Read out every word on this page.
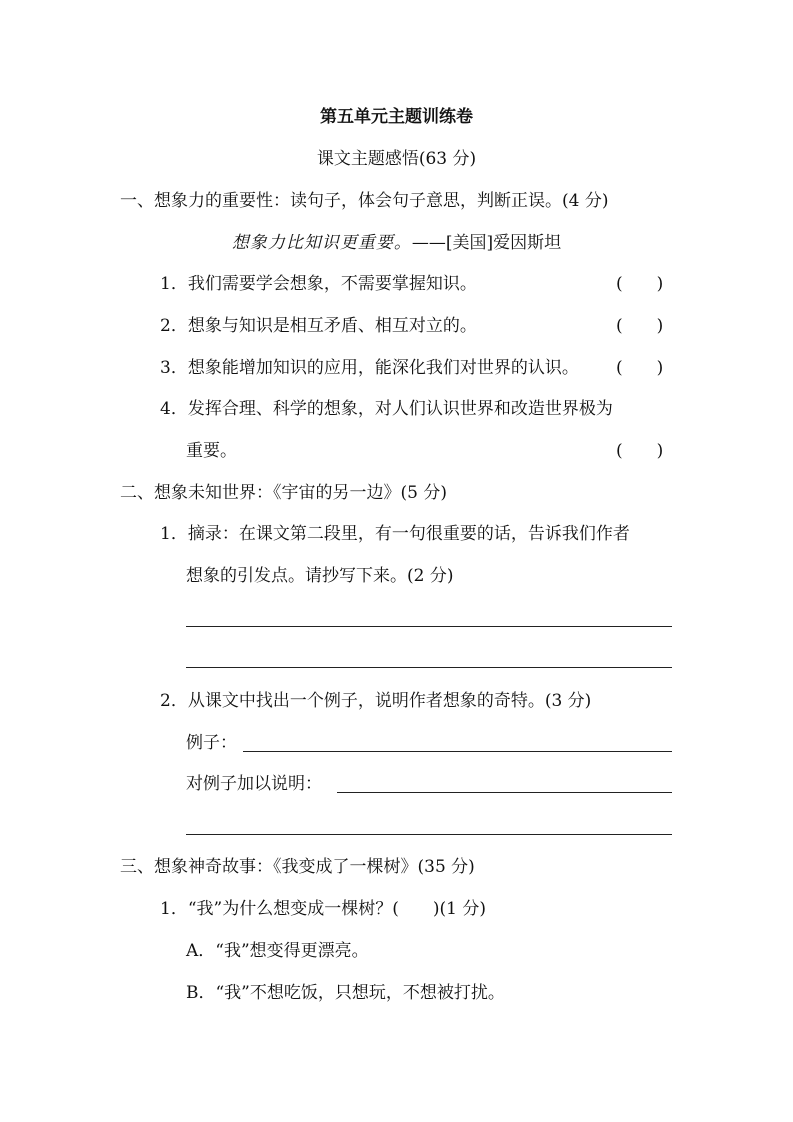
第五单元主题训练卷
课文主题感悟(63 分)
一、想象力的重要性：读句子，体会句子意思，判断正误。(4 分)
想象力比知识更重要。——[美国]爱因斯坦
1．我们需要学会想象，不需要掌握知识。	(　　)
2．想象与知识是相互矛盾、相互对立的。	(　　)
3．想象能增加知识的应用，能深化我们对世界的认识。 (　　)
4．发挥合理、科学的想象，对人们认识世界和改造世界极为
重要。	(　　)
二、想象未知世界：《宇宙的另一边》(5 分)
1．摘录：在课文第二段里，有一句很重要的话，告诉我们作者
想象的引发点。请抄写下来。(2 分)
2．从课文中找出一个例子，说明作者想象的奇特。(3 分)
例子：
对例子加以说明：
三、想象神奇故事：《我变成了一棵树》(35 分)
1．“我”为什么想变成一棵树？(　　)(1 分)
A．“我”想变得更漂亮。
B．“我”不想吃饭，只想玩，不想被打扰。
